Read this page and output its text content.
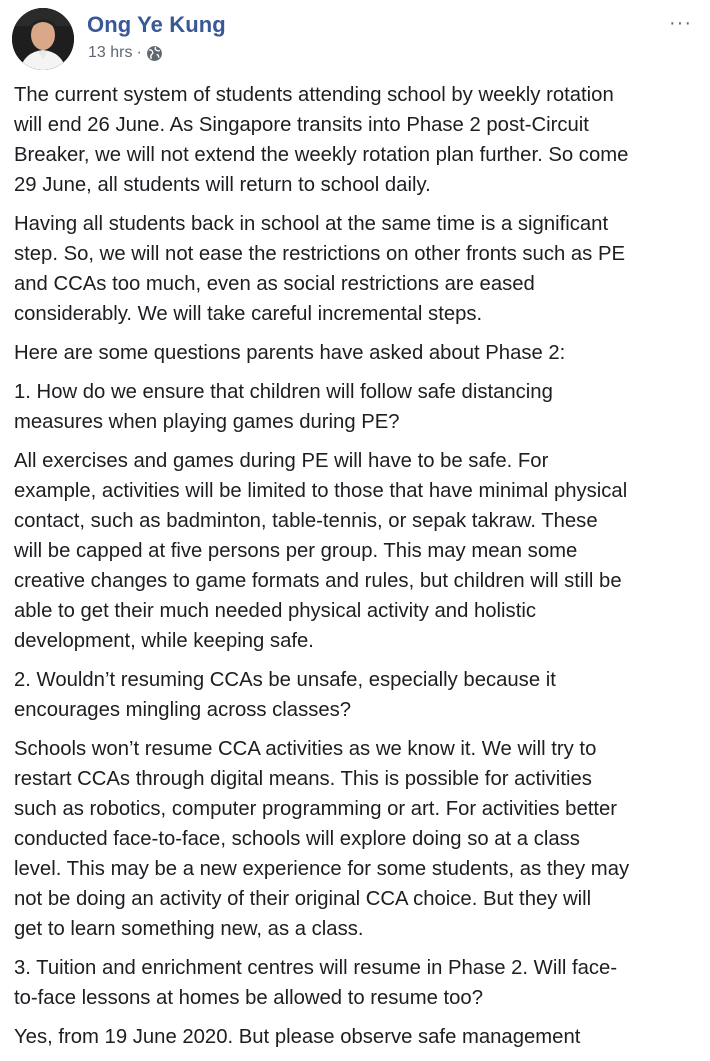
Ong Ye Kung
13 hrs ·
···

The current system of students attending school by weekly rotation
will end 26 June. As Singapore transits into Phase 2 post-Circuit
Breaker, we will not extend the weekly rotation plan further. So come
29 June, all students will return to school daily.

Having all students back in school at the same time is a significant
step. So, we will not ease the restrictions on other fronts such as PE
and CCAs too much, even as social restrictions are eased
considerably. We will take careful incremental steps.

Here are some questions parents have asked about Phase 2:

1. How do we ensure that children will follow safe distancing
measures when playing games during PE?

All exercises and games during PE will have to be safe. For
example, activities will be limited to those that have minimal physical
contact, such as badminton, table-tennis, or sepak takraw. These
will be capped at five persons per group. This may mean some
creative changes to game formats and rules, but children will still be
able to get their much needed physical activity and holistic
development, while keeping safe.

2. Wouldn’t resuming CCAs be unsafe, especially because it
encourages mingling across classes?

Schools won’t resume CCA activities as we know it. We will try to
restart CCAs through digital means. This is possible for activities
such as robotics, computer programming or art. For activities better
conducted face-to-face, schools will explore doing so at a class
level. This may be a new experience for some students, as they may
not be doing an activity of their original CCA choice. But they will
get to learn something new, as a class.

3. Tuition and enrichment centres will resume in Phase 2. Will face-
to-face lessons at homes be allowed to resume too?

Yes, from 19 June 2020. But please observe safe management
